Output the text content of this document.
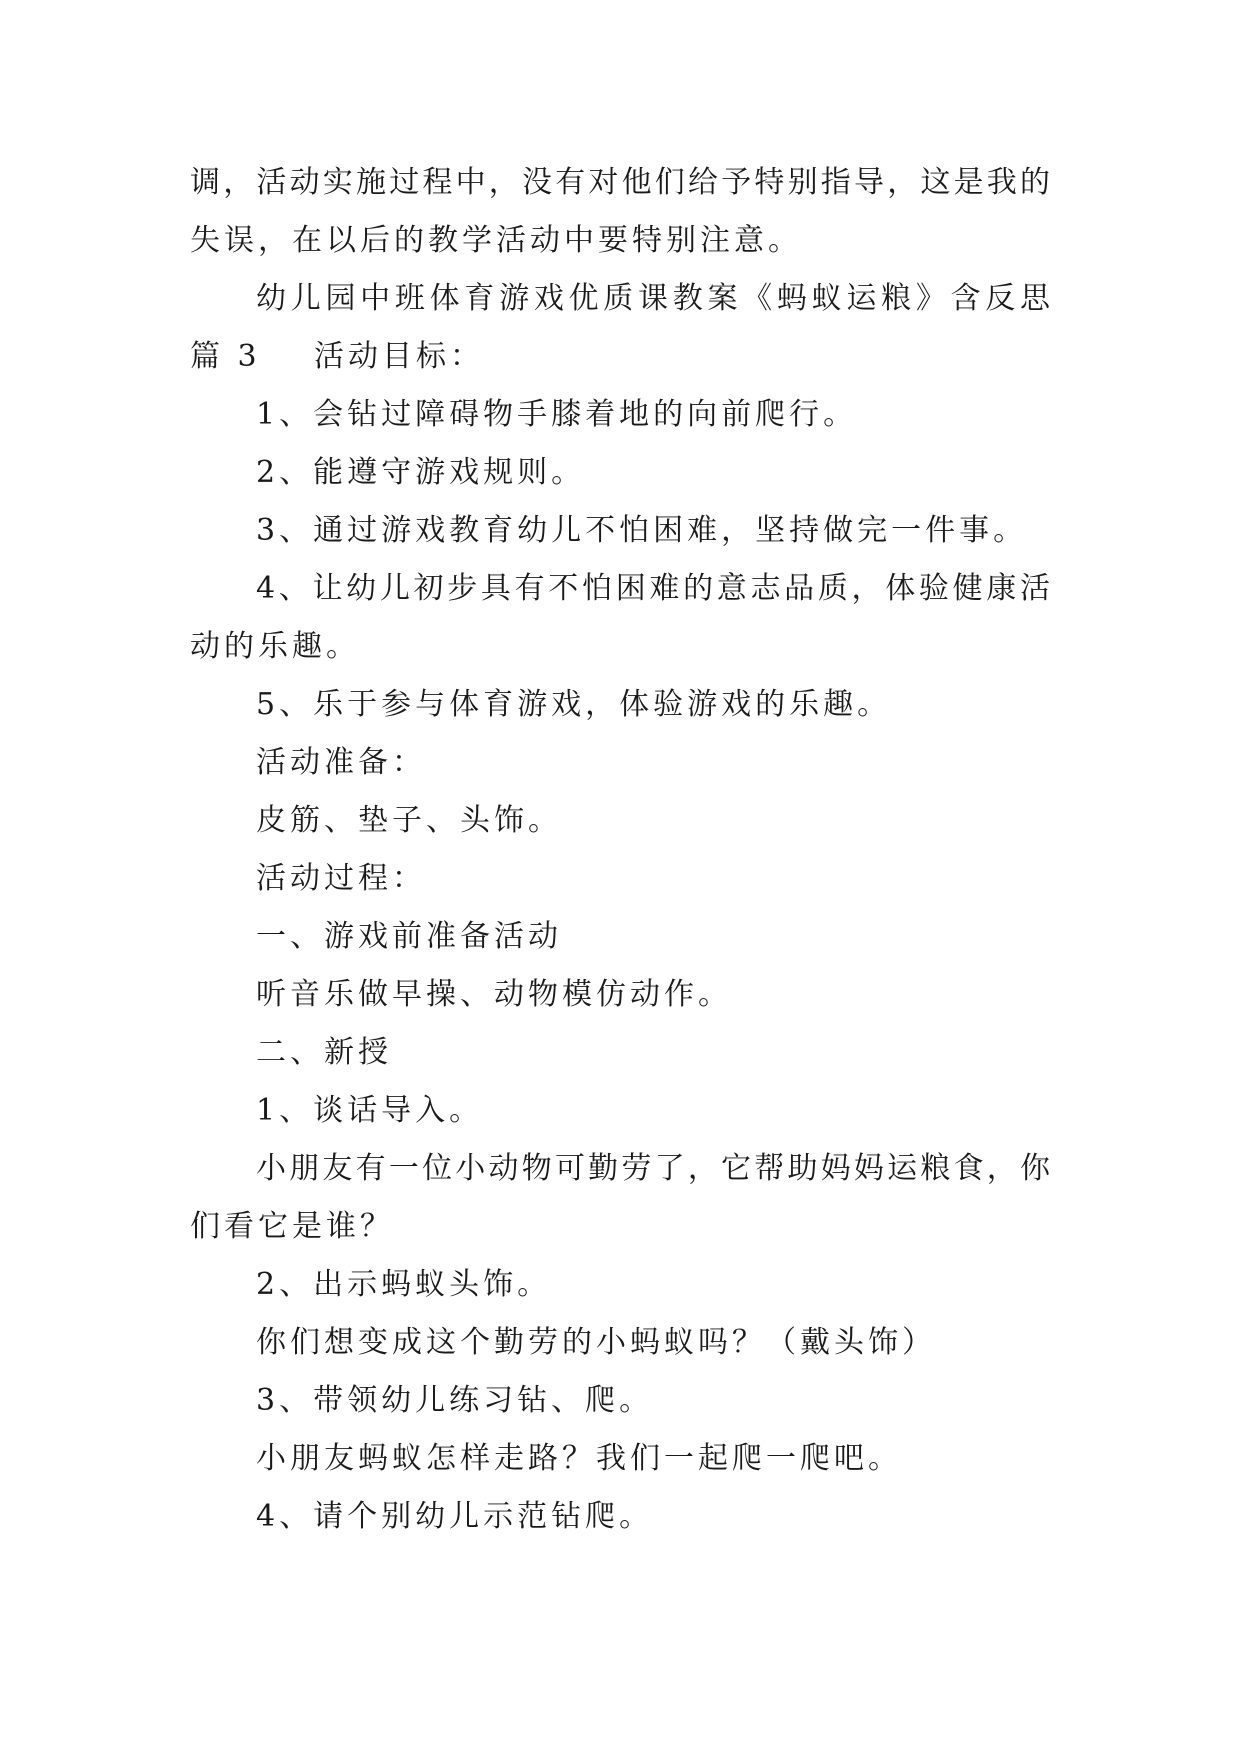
调，活动实施过程中，没有对他们给予特别指导，这是我的
失误，在以后的教学活动中要特别注意。
幼儿园中班体育游戏优质课教案《蚂蚁运粮》含反思
篇 3 活动目标：
1、会钻过障碍物手膝着地的向前爬行。
2、能遵守游戏规则。
3、通过游戏教育幼儿不怕困难，坚持做完一件事。
4、让幼儿初步具有不怕困难的意志品质，体验健康活
动的乐趣。
5、乐于参与体育游戏，体验游戏的乐趣。
活动准备：
皮筋、垫子、头饰。
活动过程：
一、游戏前准备活动
听音乐做早操、动物模仿动作。
二、新授
1、谈话导入。
小朋友有一位小动物可勤劳了，它帮助妈妈运粮食，你
们看它是谁？
2、出示蚂蚁头饰。
你们想变成这个勤劳的小蚂蚁吗？（戴头饰）
3、带领幼儿练习钻、爬。
小朋友蚂蚁怎样走路？我们一起爬一爬吧。
4、请个别幼儿示范钻爬。
